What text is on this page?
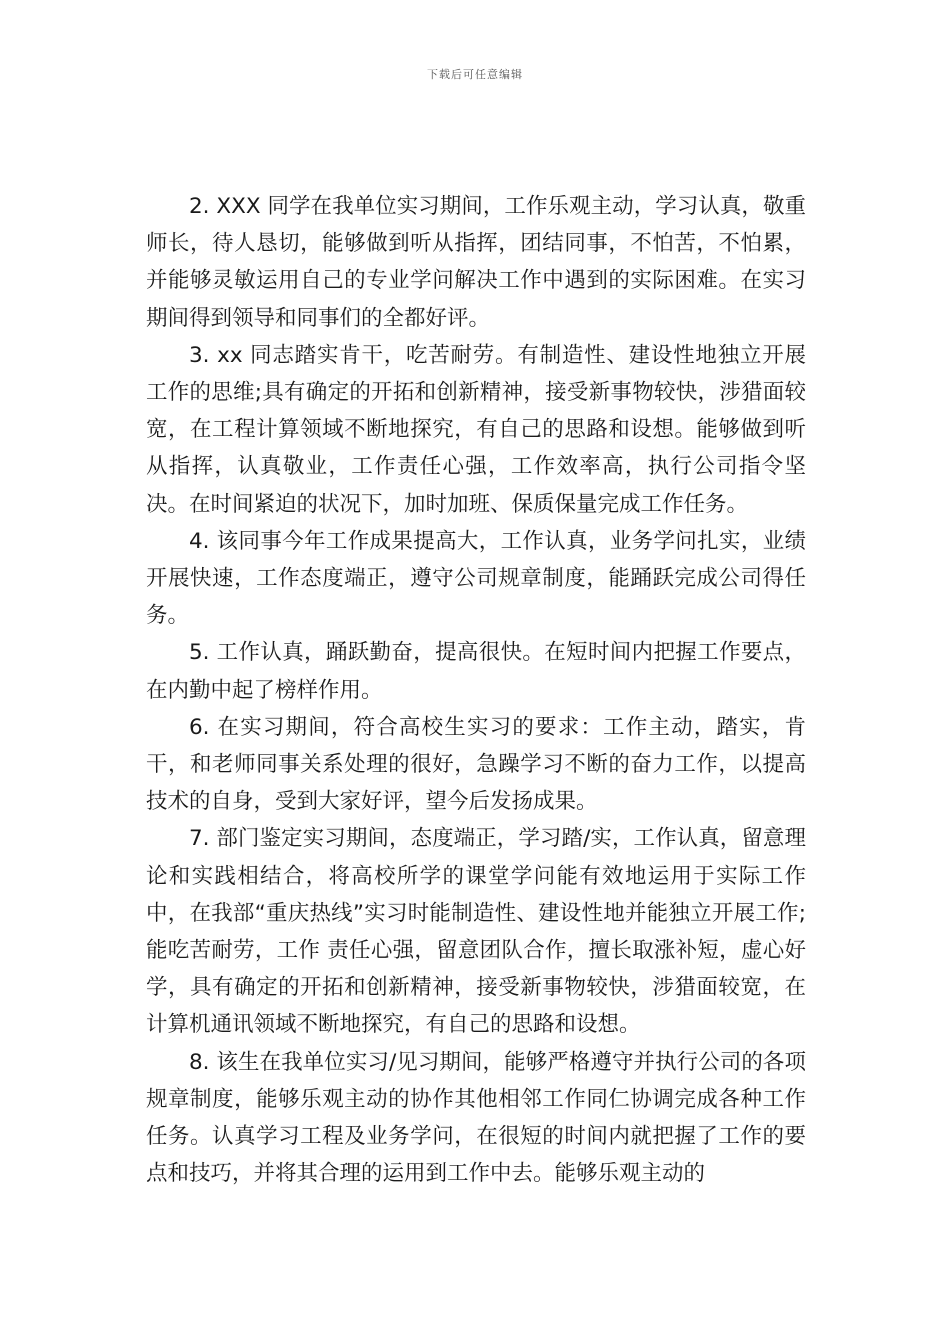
下载后可任意编辑

2. XXX 同学在我单位实习期间，工作乐观主动，学习认真，敬重师长，待人恳切，能够做到听从指挥，团结同事，不怕苦，不怕累，并能够灵敏运用自己的专业学问解决工作中遇到的实际困难。在实习期间得到领导和同事们的全都好评。

3. xx 同志踏实肯干，吃苦耐劳。有制造性、建设性地独立开展工作的思维;具有确定的开拓和创新精神，接受新事物较快，涉猎面较宽，在工程计算领域不断地探究，有自己的思路和设想。能够做到听从指挥，认真敬业，工作责任心强，工作效率高，执行公司指令坚决。在时间紧迫的状况下，加时加班、保质保量完成工作任务。

4. 该同事今年工作成果提高大，工作认真，业务学问扎实，业绩开展快速，工作态度端正，遵守公司规章制度，能踊跃完成公司得任务。

5. 工作认真，踊跃勤奋，提高很快。在短时间内把握工作要点，在内勤中起了榜样作用。

6. 在实习期间，符合高校生实习的要求：工作主动，踏实，肯干，和老师同事关系处理的很好，急躁学习不断的奋力工作，以提高技术的自身，受到大家好评，望今后发扬成果。

7. 部门鉴定实习期间，态度端正，学习踏/实，工作认真，留意理论和实践相结合，将高校所学的课堂学问能有效地运用于实际工作中，在我部“重庆热线”实习时能制造性、建设性地并能独立开展工作;能吃苦耐劳，工作 责任心强，留意团队合作，擅长取涨补短，虚心好学，具有确定的开拓和创新精神，接受新事物较快，涉猎面较宽，在计算机通讯领域不断地探究，有自己的思路和设想。

8. 该生在我单位实习/见习期间，能够严格遵守并执行公司的各项规章制度，能够乐观主动的协作其他相邻工作同仁协调完成各种工作任务。认真学习工程及业务学问，在很短的时间内就把握了工作的要点和技巧，并将其合理的运用到工作中去。能够乐观主动的
